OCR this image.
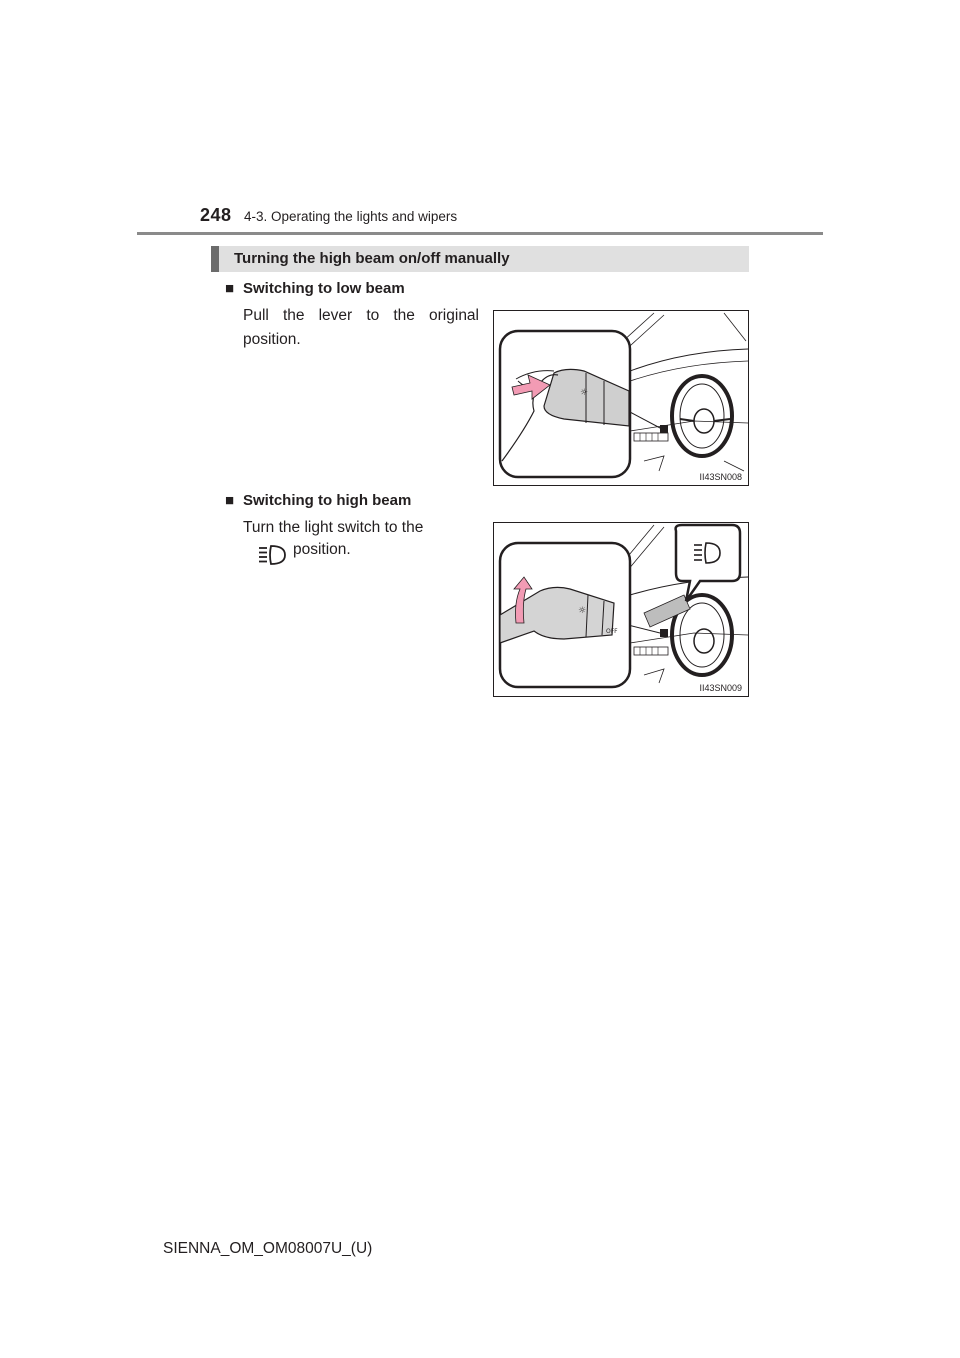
248 4-3. Operating the lights and wipers
Turning the high beam on/off manually
■ Switching to low beam
Pull the lever to the original position.
☼
II43SN008
■ Switching to high beam
Turn the light switch to the
position.
☼
OFF
II43SN009
SIENNA_OM_OM08007U_(U)
